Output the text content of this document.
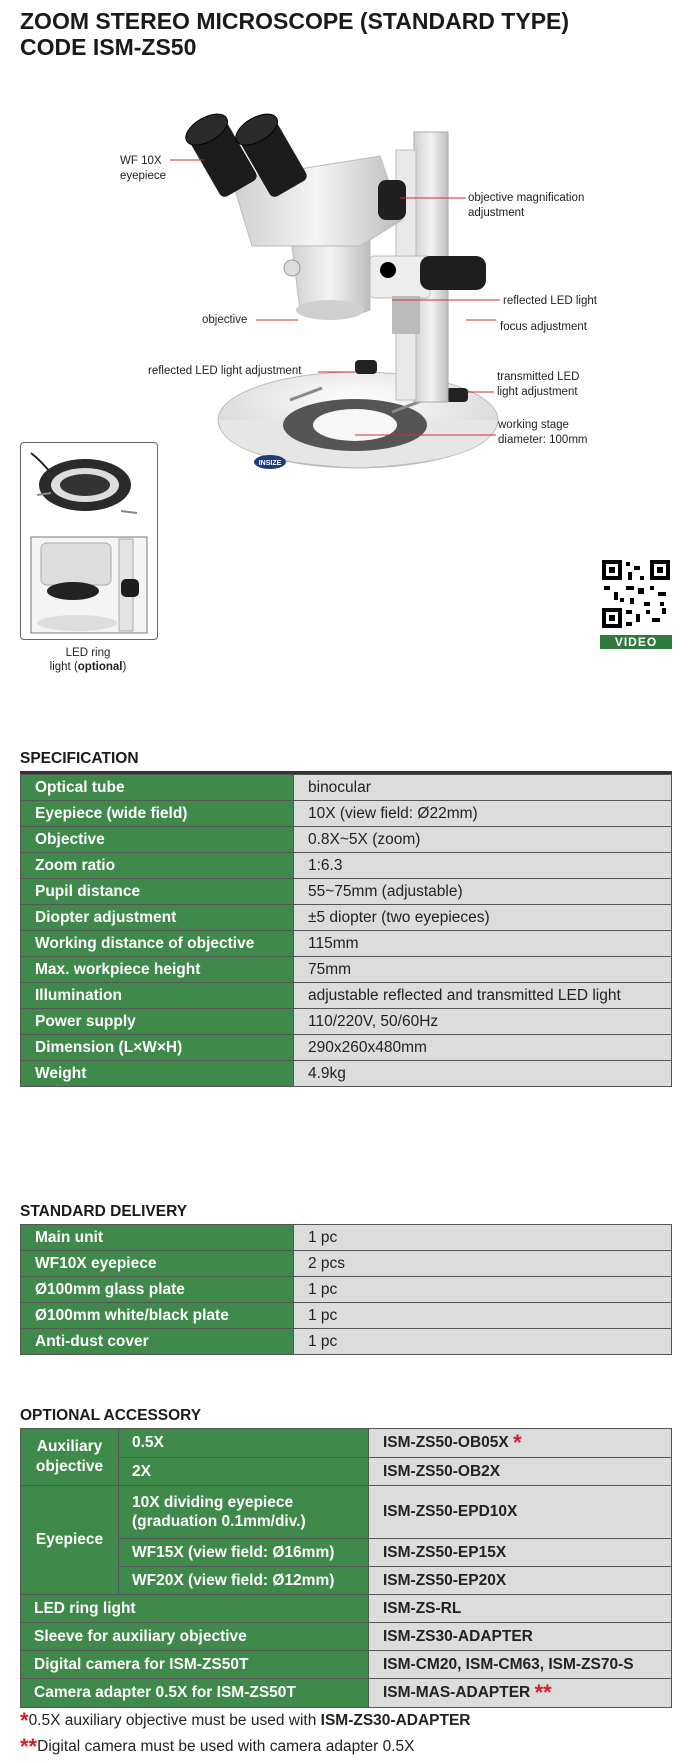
ZOOM STEREO MICROSCOPE (STANDARD TYPE)
CODE ISM-ZS50
INSIZE
WF 10X
eyepiece
objective magnification
adjustment
reflected LED light
focus adjustment
objective
reflected LED light adjustment	transmitted LED
light adjustment
working stage
diameter: 100mm
LED ring
light (optional)
VIDEO
SPECIFICATION
Optical tube	binocular
Eyepiece (wide field)	10X (view field: Ø22mm)
Objective	0.8X~5X (zoom)
Zoom ratio	1:6.3
Pupil distance	55~75mm (adjustable)
Diopter adjustment	±5 diopter (two eyepieces)
Working distance of objective	115mm
Max. workpiece height	75mm
Illumination	adjustable reflected and transmitted LED light
Power supply	110/220V, 50/60Hz
Dimension (L×W×H)	290x260x480mm
Weight	4.9kg
STANDARD DELIVERY
Main unit	1 pc
WF10X eyepiece	2 pcs
Ø100mm glass plate	1 pc
Ø100mm white/black plate	1 pc
Anti-dust cover	1 pc
OPTIONAL ACCESSORY
Auxiliary objective	0.5X	ISM-ZS50-OB05X *
	2X	ISM-ZS50-OB2X
Eyepiece	10X dividing eyepiece (graduation 0.1mm/div.)	ISM-ZS50-EPD10X
	WF15X (view field: Ø16mm)	ISM-ZS50-EP15X
	WF20X (view field: Ø12mm)	ISM-ZS50-EP20X
LED ring light		ISM-ZS-RL
Sleeve for auxiliary objective		ISM-ZS30-ADAPTER
Digital camera for ISM-ZS50T		ISM-CM20, ISM-CM63, ISM-ZS70-S
Camera adapter 0.5X for ISM-ZS50T		ISM-MAS-ADAPTER **
*0.5X auxiliary objective must be used with ISM-ZS30-ADAPTER
**Digital camera must be used with camera adapter 0.5X
